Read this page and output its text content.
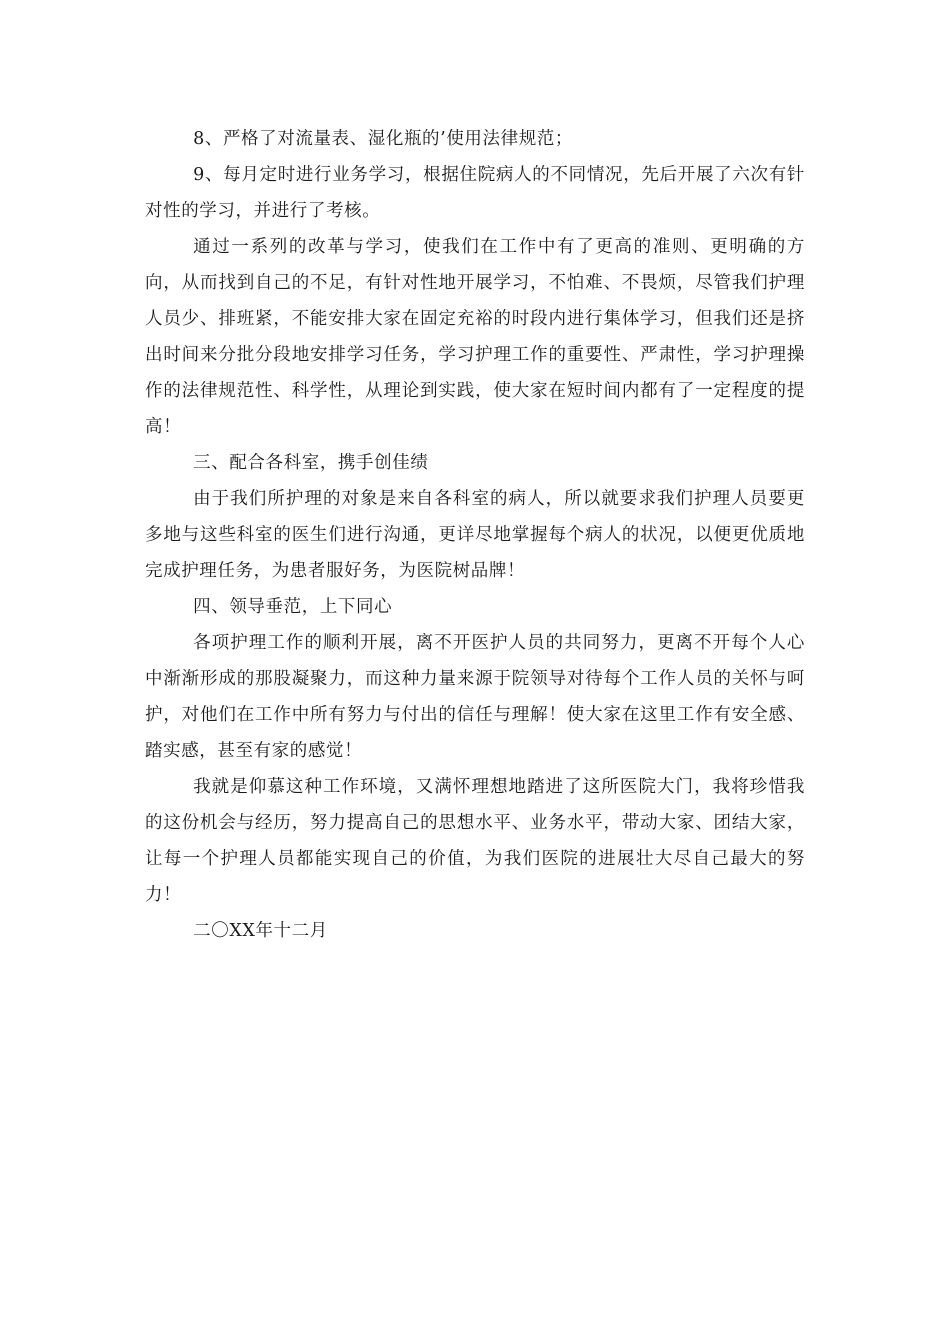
8、严格了对流量表、湿化瓶的’使用法律规范；

9、每月定时进行业务学习，根据住院病人的不同情况，先后开展了六次有针对性的学习，并进行了考核。

通过一系列的改革与学习，使我们在工作中有了更高的准则、更明确的方向，从而找到自己的不足，有针对性地开展学习，不怕难、不畏烦，尽管我们护理人员少、排班紧，不能安排大家在固定充裕的时段内进行集体学习，但我们还是挤出时间来分批分段地安排学习任务，学习护理工作的重要性、严肃性，学习护理操作的法律规范性、科学性，从理论到实践，使大家在短时间内都有了一定程度的提高！

三、配合各科室，携手创佳绩

由于我们所护理的对象是来自各科室的病人，所以就要求我们护理人员要更多地与这些科室的医生们进行沟通，更详尽地掌握每个病人的状况，以便更优质地完成护理任务，为患者服好务，为医院树品牌！

四、领导垂范，上下同心

各项护理工作的顺利开展，离不开医护人员的共同努力，更离不开每个人心中渐渐形成的那股凝聚力，而这种力量来源于院领导对待每个工作人员的关怀与呵护，对他们在工作中所有努力与付出的信任与理解！使大家在这里工作有安全感、踏实感，甚至有家的感觉！

我就是仰慕这种工作环境，又满怀理想地踏进了这所医院大门，我将珍惜我的这份机会与经历，努力提高自己的思想水平、业务水平，带动大家、团结大家，让每一个护理人员都能实现自己的价值，为我们医院的进展壮大尽自己最大的努力！

二〇XX年十二月
